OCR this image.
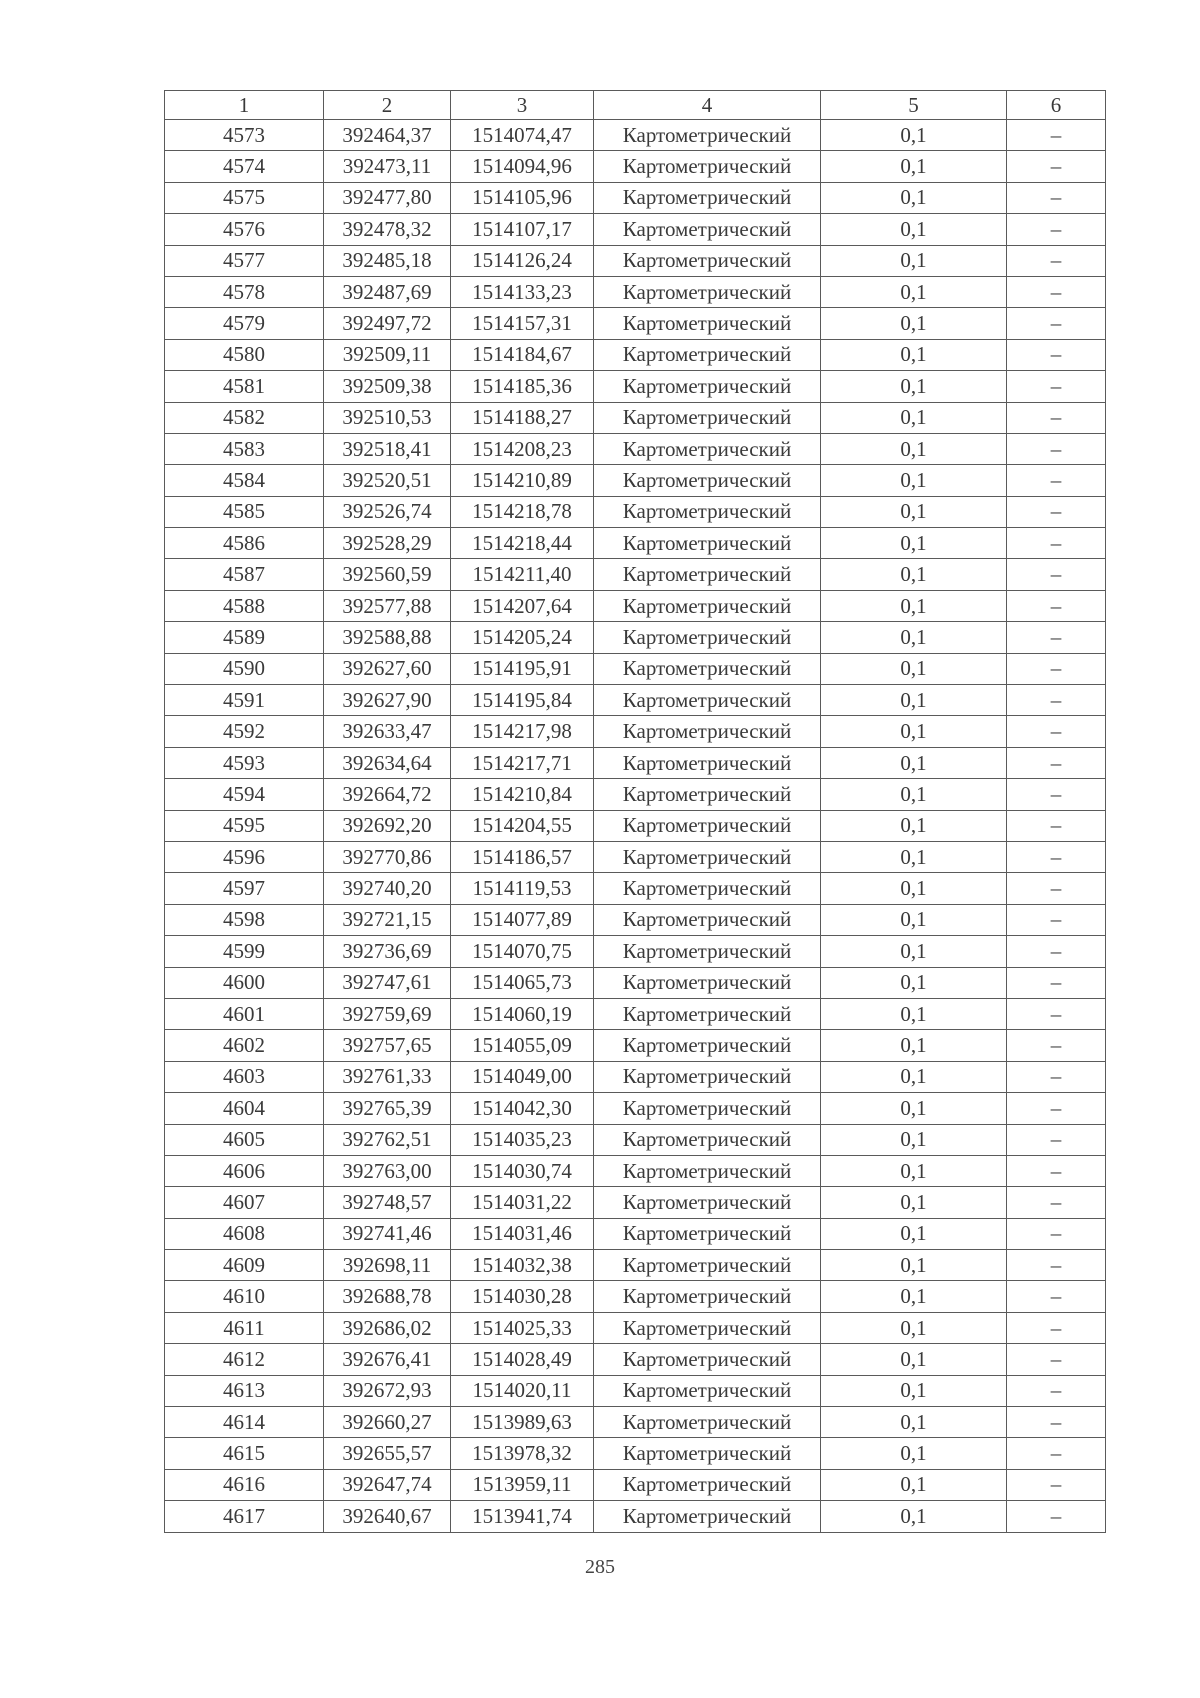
1	2	3	4	5	6
4573	392464,37	1514074,47	Картометрический	0,1	–
4574	392473,11	1514094,96	Картометрический	0,1	–
4575	392477,80	1514105,96	Картометрический	0,1	–
4576	392478,32	1514107,17	Картометрический	0,1	–
4577	392485,18	1514126,24	Картометрический	0,1	–
4578	392487,69	1514133,23	Картометрический	0,1	–
4579	392497,72	1514157,31	Картометрический	0,1	–
4580	392509,11	1514184,67	Картометрический	0,1	–
4581	392509,38	1514185,36	Картометрический	0,1	–
4582	392510,53	1514188,27	Картометрический	0,1	–
4583	392518,41	1514208,23	Картометрический	0,1	–
4584	392520,51	1514210,89	Картометрический	0,1	–
4585	392526,74	1514218,78	Картометрический	0,1	–
4586	392528,29	1514218,44	Картометрический	0,1	–
4587	392560,59	1514211,40	Картометрический	0,1	–
4588	392577,88	1514207,64	Картометрический	0,1	–
4589	392588,88	1514205,24	Картометрический	0,1	–
4590	392627,60	1514195,91	Картометрический	0,1	–
4591	392627,90	1514195,84	Картометрический	0,1	–
4592	392633,47	1514217,98	Картометрический	0,1	–
4593	392634,64	1514217,71	Картометрический	0,1	–
4594	392664,72	1514210,84	Картометрический	0,1	–
4595	392692,20	1514204,55	Картометрический	0,1	–
4596	392770,86	1514186,57	Картометрический	0,1	–
4597	392740,20	1514119,53	Картометрический	0,1	–
4598	392721,15	1514077,89	Картометрический	0,1	–
4599	392736,69	1514070,75	Картометрический	0,1	–
4600	392747,61	1514065,73	Картометрический	0,1	–
4601	392759,69	1514060,19	Картометрический	0,1	–
4602	392757,65	1514055,09	Картометрический	0,1	–
4603	392761,33	1514049,00	Картометрический	0,1	–
4604	392765,39	1514042,30	Картометрический	0,1	–
4605	392762,51	1514035,23	Картометрический	0,1	–
4606	392763,00	1514030,74	Картометрический	0,1	–
4607	392748,57	1514031,22	Картометрический	0,1	–
4608	392741,46	1514031,46	Картометрический	0,1	–
4609	392698,11	1514032,38	Картометрический	0,1	–
4610	392688,78	1514030,28	Картометрический	0,1	–
4611	392686,02	1514025,33	Картометрический	0,1	–
4612	392676,41	1514028,49	Картометрический	0,1	–
4613	392672,93	1514020,11	Картометрический	0,1	–
4614	392660,27	1513989,63	Картометрический	0,1	–
4615	392655,57	1513978,32	Картометрический	0,1	–
4616	392647,74	1513959,11	Картометрический	0,1	–
4617	392640,67	1513941,74	Картометрический	0,1	–
285
